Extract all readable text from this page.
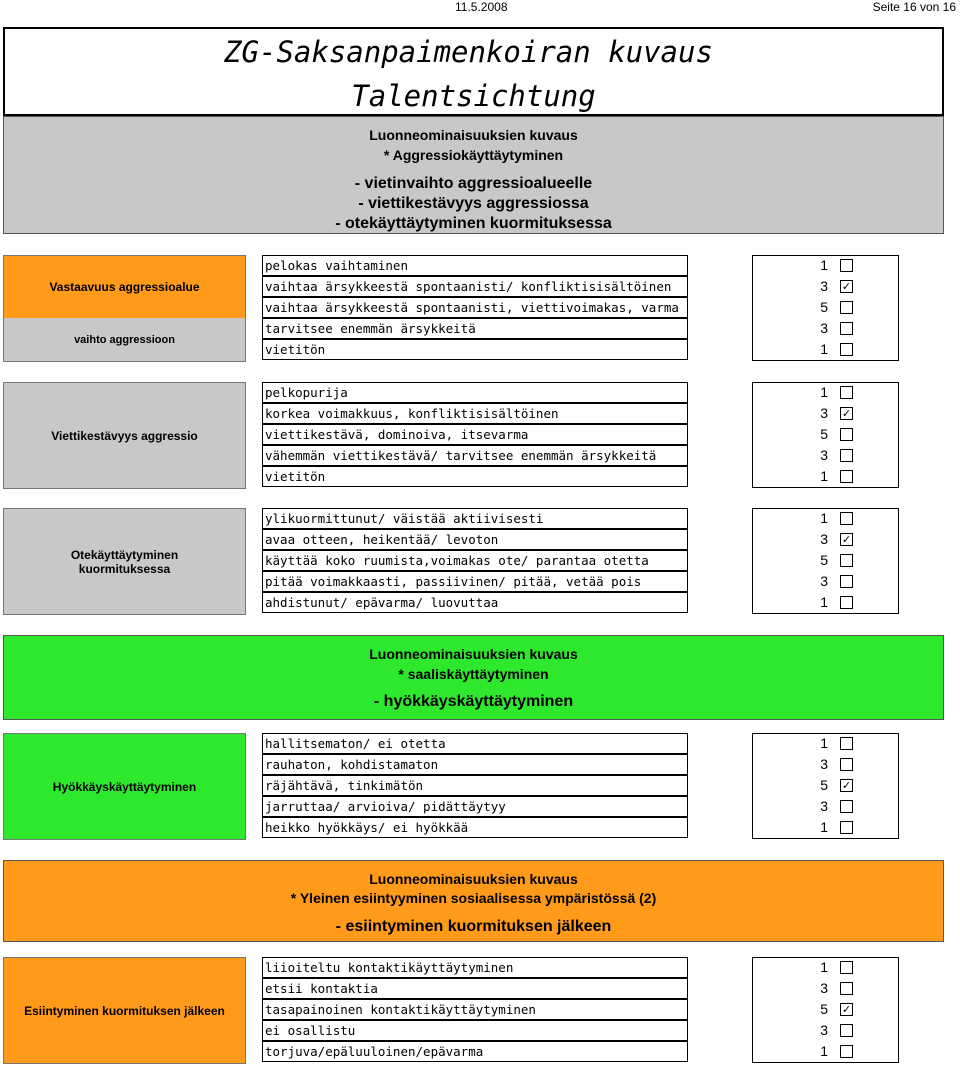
11.5.2008	Seite 16 von 16
ZG-Saksanpaimenkoiran kuvaus
Talentsichtung
Luonneominaisuuksien kuvaus
* Aggressiokäyttäytyminen
- vietinvaihto aggressioalueelle
- viettikestävyys aggressiossa
- otekäyttäytyminen kuormituksessa
Vastaavuus aggressioalue
vaihto aggressioon
Viettikestävyys aggressio
Otekäyttäytyminen kuormituksessa
Luonneominaisuuksien kuvaus
* saaliskäyttäytyminen
- hyökkäyskäyttäytyminen
Hyökkäyskäyttäytyminen
Luonneominaisuuksien kuvaus
* Yleinen esiintyyminen sosiaalisessa ympäristössä (2)
- esiintyminen kuormituksen jälkeen
Esiintyminen kuormituksen jälkeen
pelokas vaihtaminen	1
vaihtaa ärsykkeestä spontaanisti/ konfliktisisältöinen	3	✓
vaihtaa ärsykkeestä spontaanisti, viettivoimakas, varma	5
tarvitsee enemmän ärsykkeitä	3
vietitön	1
pelkopurija	1
korkea voimakkuus, konfliktisisältöinen	3	✓
viettikestävä, dominoiva, itsevarma	5
vähemmän viettikestävä/ tarvitsee enemmän ärsykkeitä	3
vietitön	1
ylikuormittunut/ väistää aktiivisesti	1
avaa otteen, heikentää/ levoton	3	✓
käyttää koko ruumista,voimakas ote/ parantaa otetta	5
pitää voimakkaasti, passiivinen/ pitää, vetää pois	3
ahdistunut/ epävarma/ luovuttaa	1
hallitsematon/ ei otetta	1
rauhaton, kohdistamaton	3
räjähtävä, tinkimätön	5	✓
jarruttaa/ arvioiva/ pidättäytyy	3
heikko hyökkäys/ ei hyökkää	1
liioiteltu kontaktikäyttäytyminen	1
etsii kontaktia	3
tasapainoinen kontaktikäyttäytyminen	5	✓
ei osallistu	3
torjuva/epäluuloinen/epävarma	1
